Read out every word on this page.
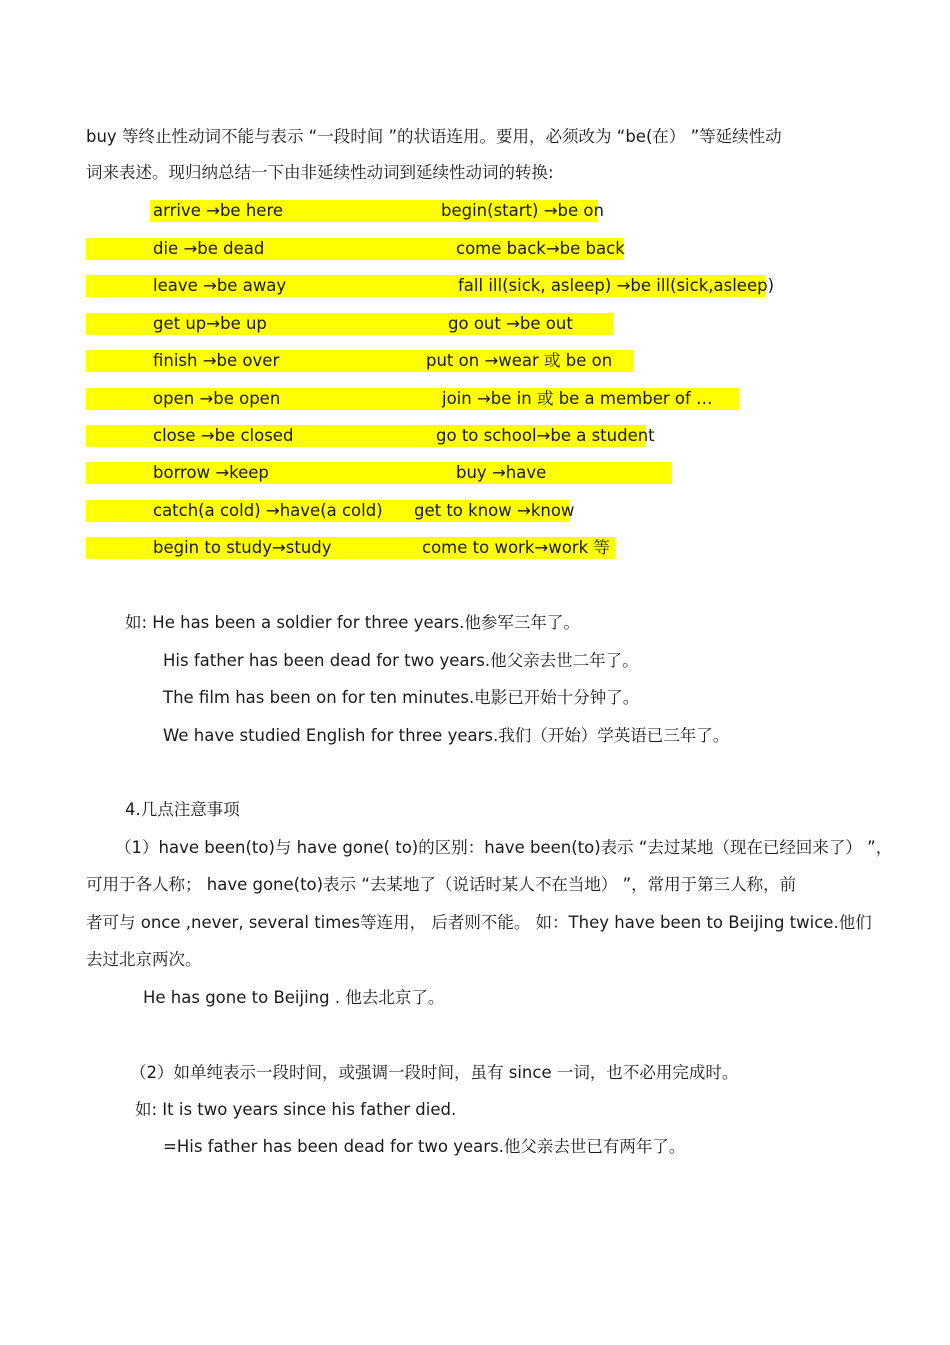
buy 等终止性动词不能与表示 “一段时间 ”的状语连用。要用，必须改为 “be(在） ”等延续性动
词来表述。现归纳总结一下由非延续性动词到延续性动词的转换:
arrive →be here
die →be dead
leave →be away
get up→be up
finish →be over
open →be open
close →be closed
borrow →keep
catch(a cold) →have(a cold)
begin to study→study
begin(start) →be on
come back→be back
fall ill(sick, asleep) →be ill(sick,asleep)
go out →be out
put on →wear 或 be on
join →be in 或 be a member of …
go to school→be a student
buy →have
get to know →know
come to work→work 等
如: He has been a soldier for three years.他参军三年了。
His father has been dead for two years.他父亲去世二年了。
The film has been on for ten minutes.电影已开始十分钟了。
We have studied English for three years.我们（开始）学英语已三年了。
4.几点注意事项
（1）have been(to)与 have gone( to)的区别：have been(to)表示 “去过某地（现在已经回来了） ”，
可用于各人称； have gone(to)表示 “去某地了（说话时某人不在当地） ”，常用于第三人称，前
者可与 once ,never, several times等连用， 后者则不能。 如：They have been to Beijing twice.他们
去过北京两次。
He has gone to Beijing . 他去北京了。
（2）如单纯表示一段时间，或强调一段时间，虽有 since 一词，也不必用完成时。
如: It is two years since his father died.
=His father has been dead for two years.他父亲去世已有两年了。
